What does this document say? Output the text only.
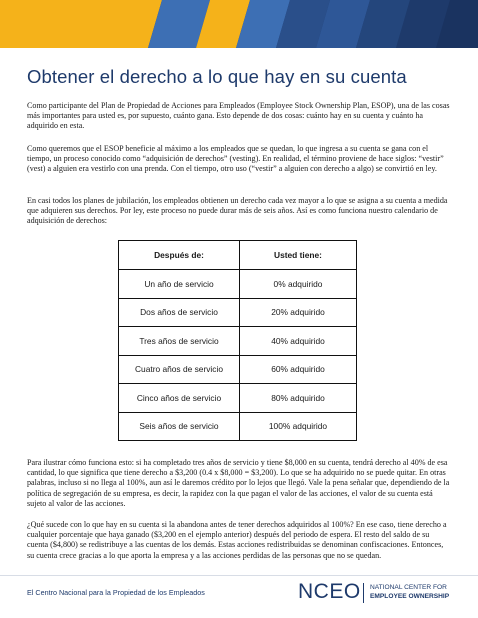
Obtener el derecho a lo que hay en su cuenta

Como participante del Plan de Propiedad de Acciones para Empleados (Employee Stock Ownership Plan, ESOP), una de las cosas más importantes para usted es, por supuesto, cuánto gana. Esto depende de dos cosas: cuánto hay en su cuenta y cuánto ha adquirido en esta.

Como queremos que el ESOP beneficie al máximo a los empleados que se quedan, lo que ingresa a su cuenta se gana con el tiempo, un proceso conocido como “adquisición de derechos” (vesting). En realidad, el término proviene de hace siglos: “vestir” (vest) a alguien era vestirlo con una prenda. Con el tiempo, otro uso (“vestir” a alguien con derecho a algo) se convirtió en ley.

En casi todos los planes de jubilación, los empleados obtienen un derecho cada vez mayor a lo que se asigna a su cuenta a medida que adquieren sus derechos. Por ley, este proceso no puede durar más de seis años. Así es como funciona nuestro calendario de adquisición de derechos:

Después de:	Usted tiene:
Un año de servicio	0% adquirido
Dos años de servicio	20% adquirido
Tres años de servicio	40% adquirido
Cuatro años de servicio	60% adquirido
Cinco años de servicio	80% adquirido
Seis años de servicio	100% adquirido

Para ilustrar cómo funciona esto: si ha completado tres años de servicio y tiene $8,000 en su cuenta, tendrá derecho al 40% de esa cantidad, lo que significa que tiene derecho a $3,200 (0.4 x $8,000 = $3,200). Lo que se ha adquirido no se puede quitar. En otras palabras, incluso si no llega al 100%, aun así le daremos crédito por lo lejos que llegó. Vale la pena señalar que, dependiendo de la política de segregación de su empresa, es decir, la rapidez con la que pagan el valor de las acciones, el valor de su cuenta está sujeto al valor de las acciones.

¿Qué sucede con lo que hay en su cuenta si la abandona antes de tener derechos adquiridos al 100%? En ese caso, tiene derecho a cualquier porcentaje que haya ganado ($3,200 en el ejemplo anterior) después del periodo de espera. El resto del saldo de su cuenta ($4,800) se redistribuye a las cuentas de los demás. Estas acciones redistribuidas se denominan confiscaciones. Entonces, su cuenta crece gracias a lo que aporta la empresa y a las acciones perdidas de las personas que no se quedan.

El Centro Nacional para la Propiedad de los Empleados	NCEO NATIONAL CENTER FOR
EMPLOYEE OWNERSHIP
